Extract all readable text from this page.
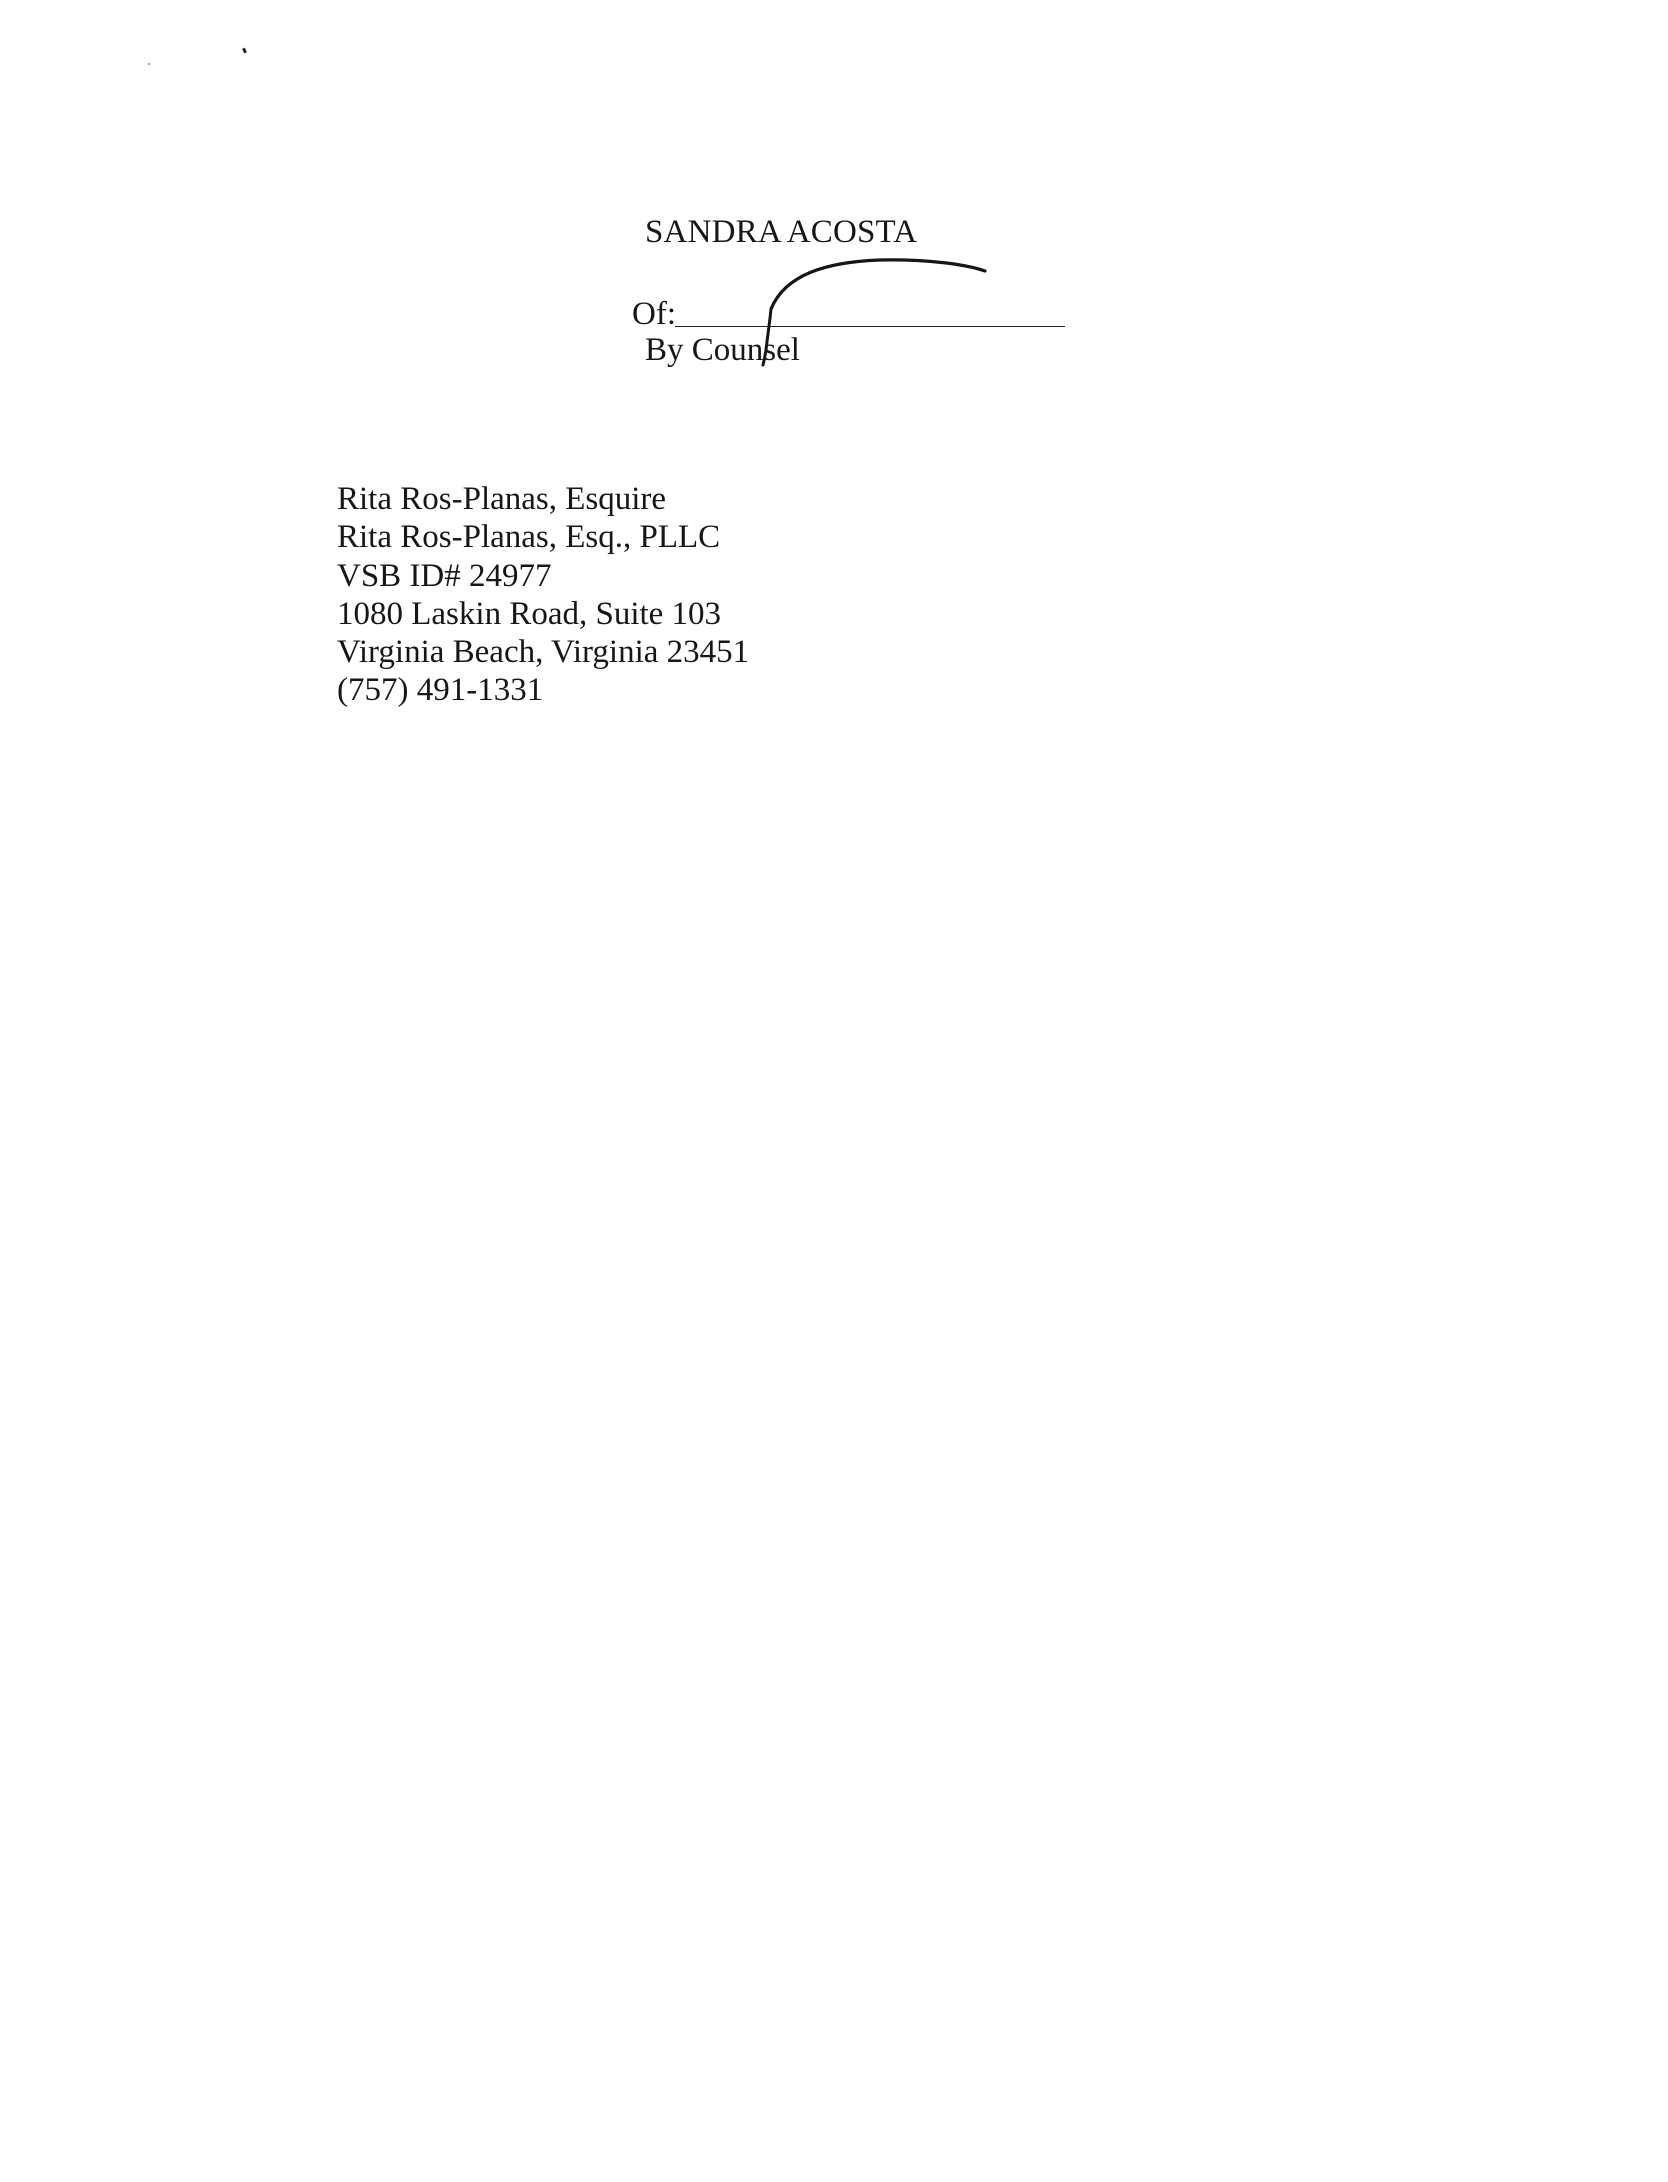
SANDRA ACOSTA
Of:
By Counsel
Rita Ros-Planas, Esquire
Rita Ros-Planas, Esq., PLLC
VSB ID# 24977
1080 Laskin Road, Suite 103
Virginia Beach, Virginia 23451
(757) 491-1331
